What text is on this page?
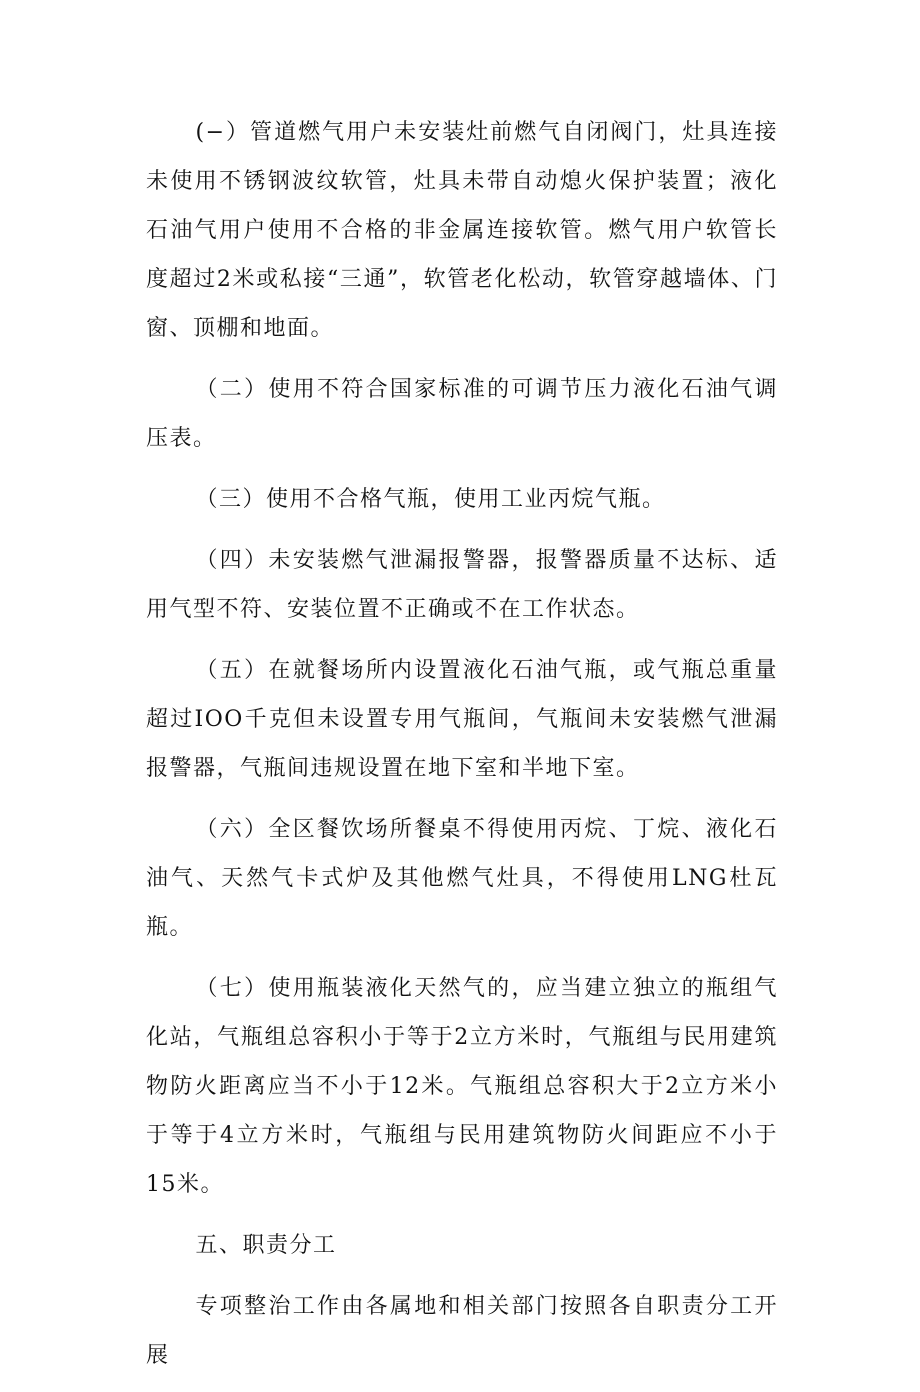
(−）管道燃气用户未安装灶前燃气自闭阀门，灶具连接未使用不锈钢波纹软管，灶具未带自动熄火保护装置；液化石油气用户使用不合格的非金属连接软管。燃气用户软管长度超过2米或私接“三通”，软管老化松动，软管穿越墙体、门窗、顶棚和地面。

（二）使用不符合国家标准的可调节压力液化石油气调压表。

（三）使用不合格气瓶，使用工业丙烷气瓶。

（四）未安装燃气泄漏报警器，报警器质量不达标、适用气型不符、安装位置不正确或不在工作状态。

（五）在就餐场所内设置液化石油气瓶，或气瓶总重量超过IOO千克但未设置专用气瓶间，气瓶间未安装燃气泄漏报警器，气瓶间违规设置在地下室和半地下室。

（六）全区餐饮场所餐桌不得使用丙烷、丁烷、液化石油气、天然气卡式炉及其他燃气灶具，不得使用LNG杜瓦瓶。

（七）使用瓶装液化天然气的，应当建立独立的瓶组气化站，气瓶组总容积小于等于2立方米时，气瓶组与民用建筑物防火距离应当不小于12米。气瓶组总容积大于2立方米小于等于4立方米时，气瓶组与民用建筑物防火间距应不小于15米。

五、职责分工

专项整治工作由各属地和相关部门按照各自职责分工开展
